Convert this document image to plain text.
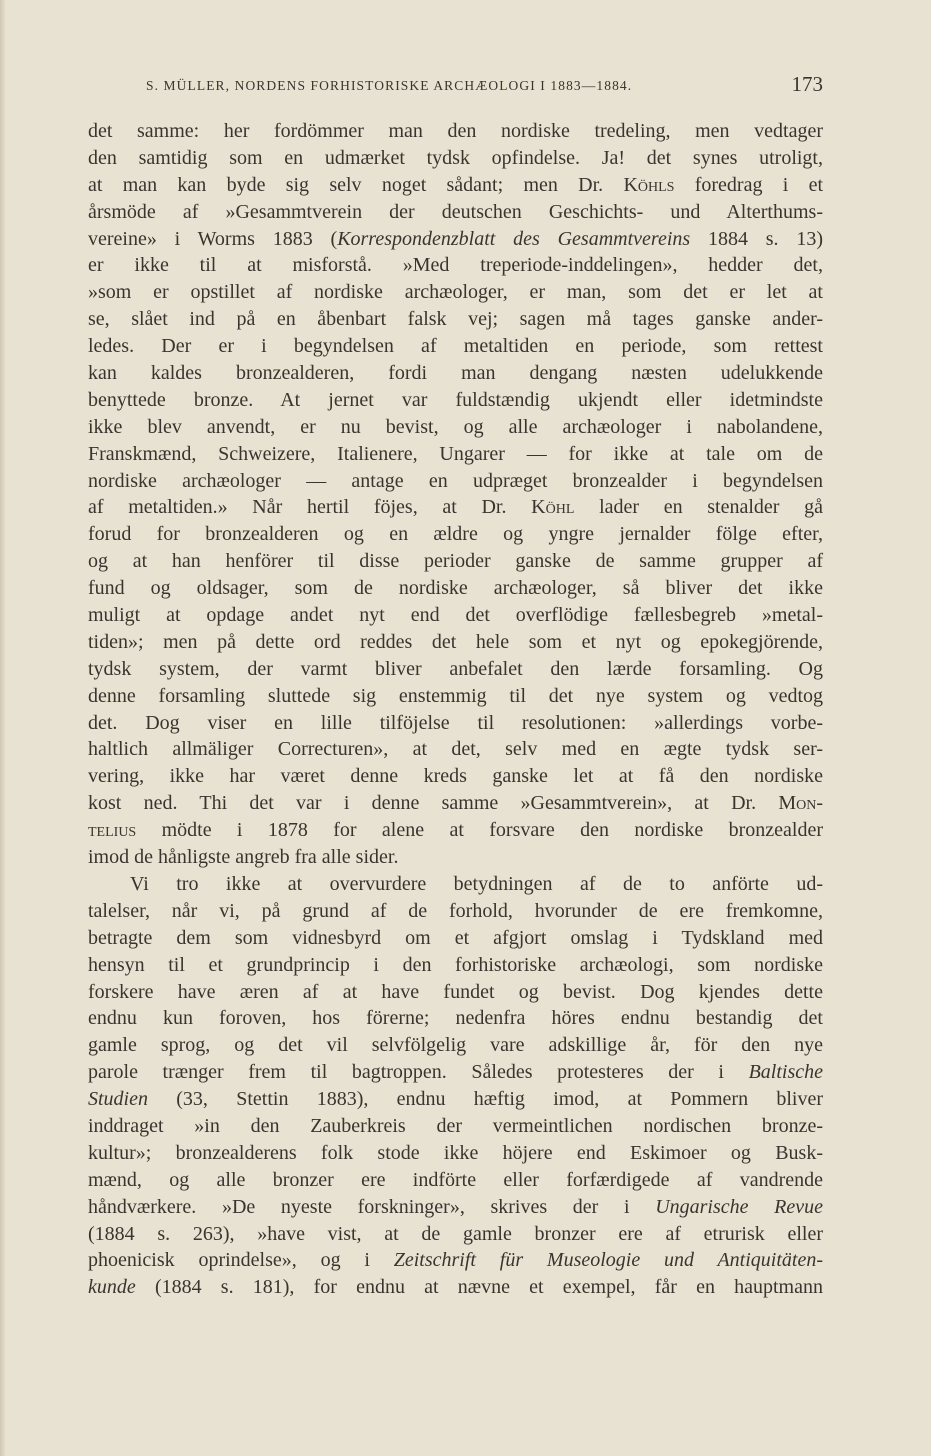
S. MÜLLER, NORDENS FORHISTORISKE ARCHÆOLOGI I 1883—1884.	173
det samme: her fordömmer man den nordiske tredeling, men vedtager
den samtidig som en udmærket tydsk opfindelse. Ja! det synes utroligt,
at man kan byde sig selv noget sådant; men Dr. Köhls foredrag i et
årsmöde af »Gesammtverein der deutschen Geschichts- und Alterthums-
vereine» i Worms 1883 (Korrespondenzblatt des Gesammtvereins 1884 s. 13)
er ikke til at misforstå. »Med treperiode-inddelingen», hedder det,
»som er opstillet af nordiske archæologer, er man, som det er let at
se, slået ind på en åbenbart falsk vej; sagen må tages ganske ander-
ledes. Der er i begyndelsen af metaltiden en periode, som rettest
kan kaldes bronzealderen, fordi man dengang næsten udelukkende
benyttede bronze. At jernet var fuldstændig ukjendt eller idetmindste
ikke blev anvendt, er nu bevist, og alle archæologer i nabolandene,
Franskmænd, Schweizere, Italienere, Ungarer — for ikke at tale om de
nordiske archæologer — antage en udpræget bronzealder i begyndelsen
af metaltiden.» Når hertil föjes, at Dr. Köhl lader en stenalder gå
forud for bronzealderen og en ældre og yngre jernalder fölge efter,
og at han henförer til disse perioder ganske de samme grupper af
fund og oldsager, som de nordiske archæologer, så bliver det ikke
muligt at opdage andet nyt end det overflödige fællesbegreb »metal-
tiden»; men på dette ord reddes det hele som et nyt og epokegjörende,
tydsk system, der varmt bliver anbefalet den lærde forsamling. Og
denne forsamling sluttede sig enstemmig til det nye system og vedtog
det. Dog viser en lille tilföjelse til resolutionen: »allerdings vorbe-
haltlich allmäliger Correcturen», at det, selv med en ægte tydsk ser-
vering, ikke har været denne kreds ganske let at få den nordiske
kost ned. Thi det var i denne samme »Gesammtverein», at Dr. Mon-
telius mödte i 1878 for alene at forsvare den nordiske bronzealder
imod de hånligste angreb fra alle sider.
Vi tro ikke at overvurdere betydningen af de to anförte ud-
talelser, når vi, på grund af de forhold, hvorunder de ere fremkomne,
betragte dem som vidnesbyrd om et afgjort omslag i Tydskland med
hensyn til et grundprincip i den forhistoriske archæologi, som nordiske
forskere have æren af at have fundet og bevist. Dog kjendes dette
endnu kun foroven, hos förerne; nedenfra höres endnu bestandig det
gamle sprog, og det vil selvfölgelig vare adskillige år, för den nye
parole trænger frem til bagtroppen. Således protesteres der i Baltische
Studien (33, Stettin 1883), endnu hæftig imod, at Pommern bliver
inddraget »in den Zauberkreis der vermeintlichen nordischen bronze-
kultur»; bronzealderens folk stode ikke höjere end Eskimoer og Busk-
mænd, og alle bronzer ere indförte eller forfærdigede af vandrende
håndværkere. »De nyeste forskninger», skrives der i Ungarische Revue
(1884 s. 263), »have vist, at de gamle bronzer ere af etrurisk eller
phoenicisk oprindelse», og i Zeitschrift für Museologie und Antiquitäten-
kunde (1884 s. 181), for endnu at nævne et exempel, får en hauptmann
